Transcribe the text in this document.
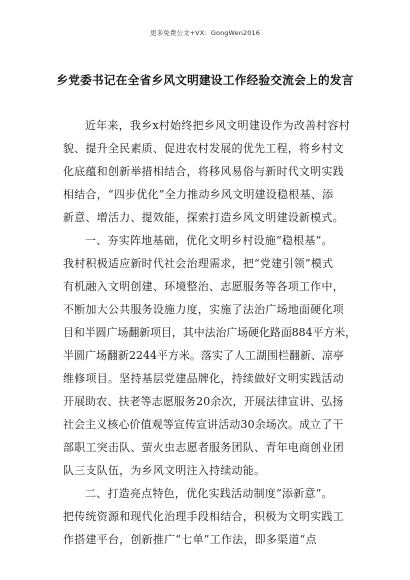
更多免费公文+VX：GongWen2016
乡党委书记在全省乡风文明建设工作经验交流会上的发言
近年来，我乡x村始终把乡风文明建设作为改善村容村
貌、提升全民素质、促进农村发展的优先工程，将乡村文
化底蕴和创新举措相结合，将移风易俗与新时代文明实践
相结合，“四步优化”全力推动乡风文明建设稳根基、添
新意、增活力、提效能，探索打造乡风文明建设新模式。
一、夯实阵地基础，优化文明乡村设施“稳根基”。
我村积极适应新时代社会治理需求，把“党建引领”模式
有机融入文明创建、环境整治、志愿服务等各项工作中，
不断加大公共服务设施力度，实施了法治广场地面硬化项
目和半圆广场翻新项目，其中法治广场硬化路面884平方米，
半圆广场翻新2244平方米。落实了人工湖围栏翻新、凉亭
维修项目。坚持基层党建品牌化，持续做好文明实践活动
开展助农、扶老等志愿服务20余次，开展法律宣讲、弘扬
社会主义核心价值观等宣传宣讲活动30余场次。成立了干
部职工突击队、萤火虫志愿者服务团队、青年电商创业团
队三支队伍，为乡风文明注入持续动能。
二、打造亮点特色，优化实践活动制度“添新意”。
把传统资源和现代化治理手段相结合，积极为文明实践工
作搭建平台，创新推广“七单”工作法，即多渠道“点
